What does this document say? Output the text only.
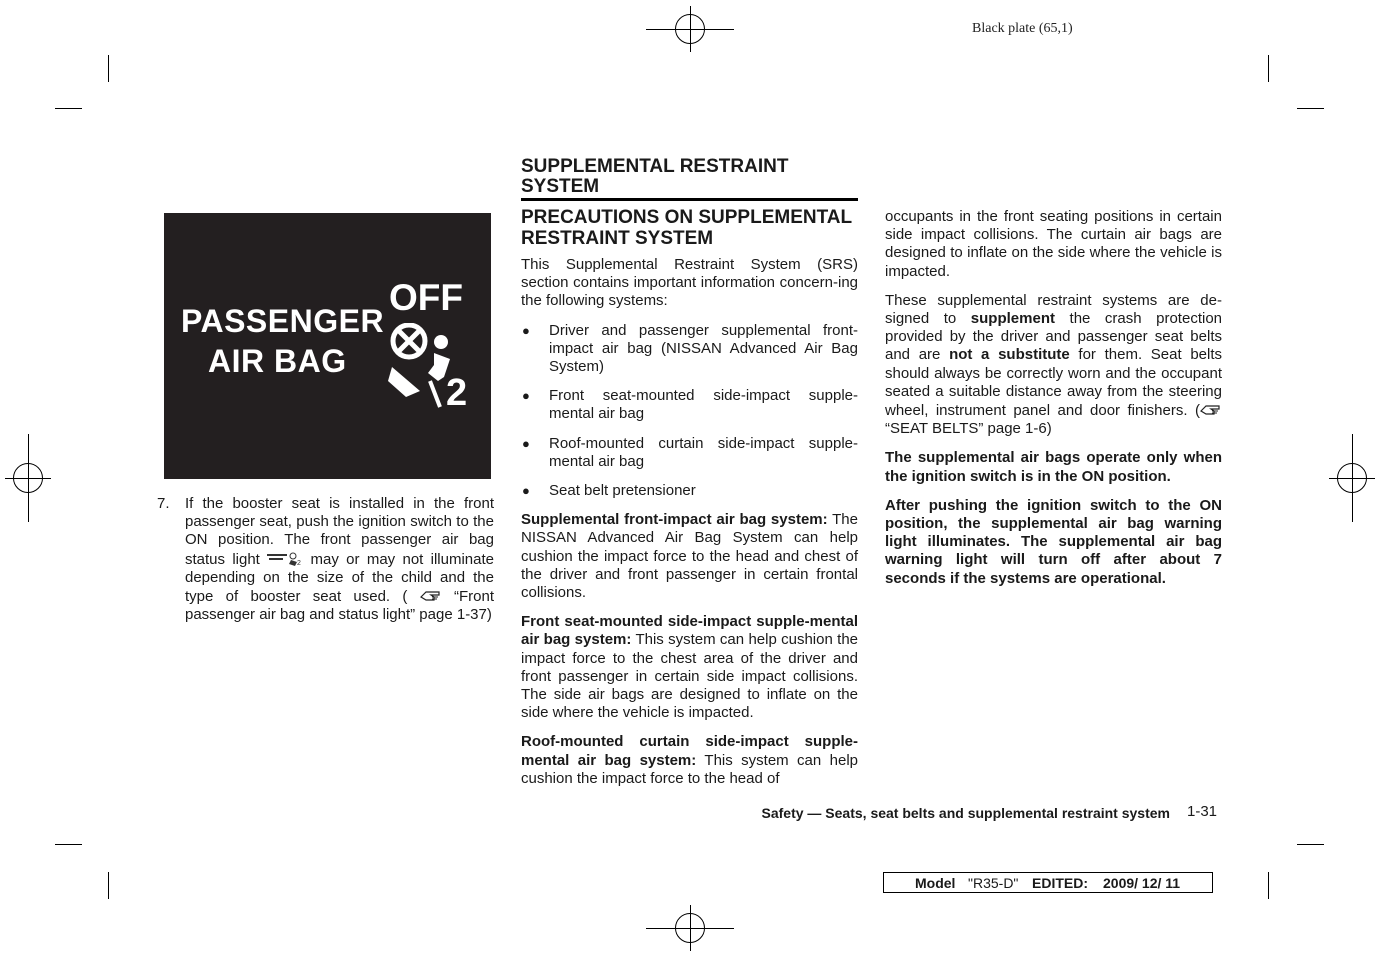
Black plate (65,1)
PASSENGER
AIR BAG
OFF
2
7. If the booster seat is installed in the front passenger seat, push the ignition switch to the ON position. The front passenger air bag status light	2 may or may not illuminate depending on the size of the child and the type of booster seat used. (	“Front passenger air bag and status light” page 1-37)
SUPPLEMENTAL RESTRAINT SYSTEM
PRECAUTIONS ON SUPPLEMENTAL RESTRAINT SYSTEM

This Supplemental Restraint System (SRS) section contains important information concern-ing the following systems:

● Driver and passenger supplemental front-impact air bag (NISSAN Advanced Air Bag System)
● Front seat-mounted side-impact supple-mental air bag
● Roof-mounted curtain side-impact supple-mental air bag
● Seat belt pretensioner

Supplemental front-impact air bag system: The NISSAN Advanced Air Bag System can help cushion the impact force to the head and chest of the driver and front passenger in certain frontal collisions.

Front seat-mounted side-impact supple-mental air bag system: This system can help cushion the impact force to the chest area of the driver and front passenger in certain side impact collisions. The side air bags are designed to inflate on the side where the vehicle is impacted.

Roof-mounted curtain side-impact supple-mental air bag system: This system can help cushion the impact force to the head of

occupants in the front seating positions in certain side impact collisions. The curtain air bags are designed to inflate on the side where the vehicle is impacted.

These supplemental restraint systems are de-signed to supplement the crash protection provided by the driver and passenger seat belts and are not a substitute for them. Seat belts should always be correctly worn and the occupant seated a suitable distance away from the steering wheel, instrument panel and door finishers. ( “SEAT BELTS” page 1-6)

The supplemental air bags operate only when the ignition switch is in the ON position.

After pushing the ignition switch to the ON position, the supplemental air bag warning light illuminates. The supplemental air bag warning light will turn off after about 7 seconds if the systems are operational.

Safety — Seats, seat belts and supplemental restraint system 1-31
Model "R35-D" EDITED: 2009/ 12/ 11
